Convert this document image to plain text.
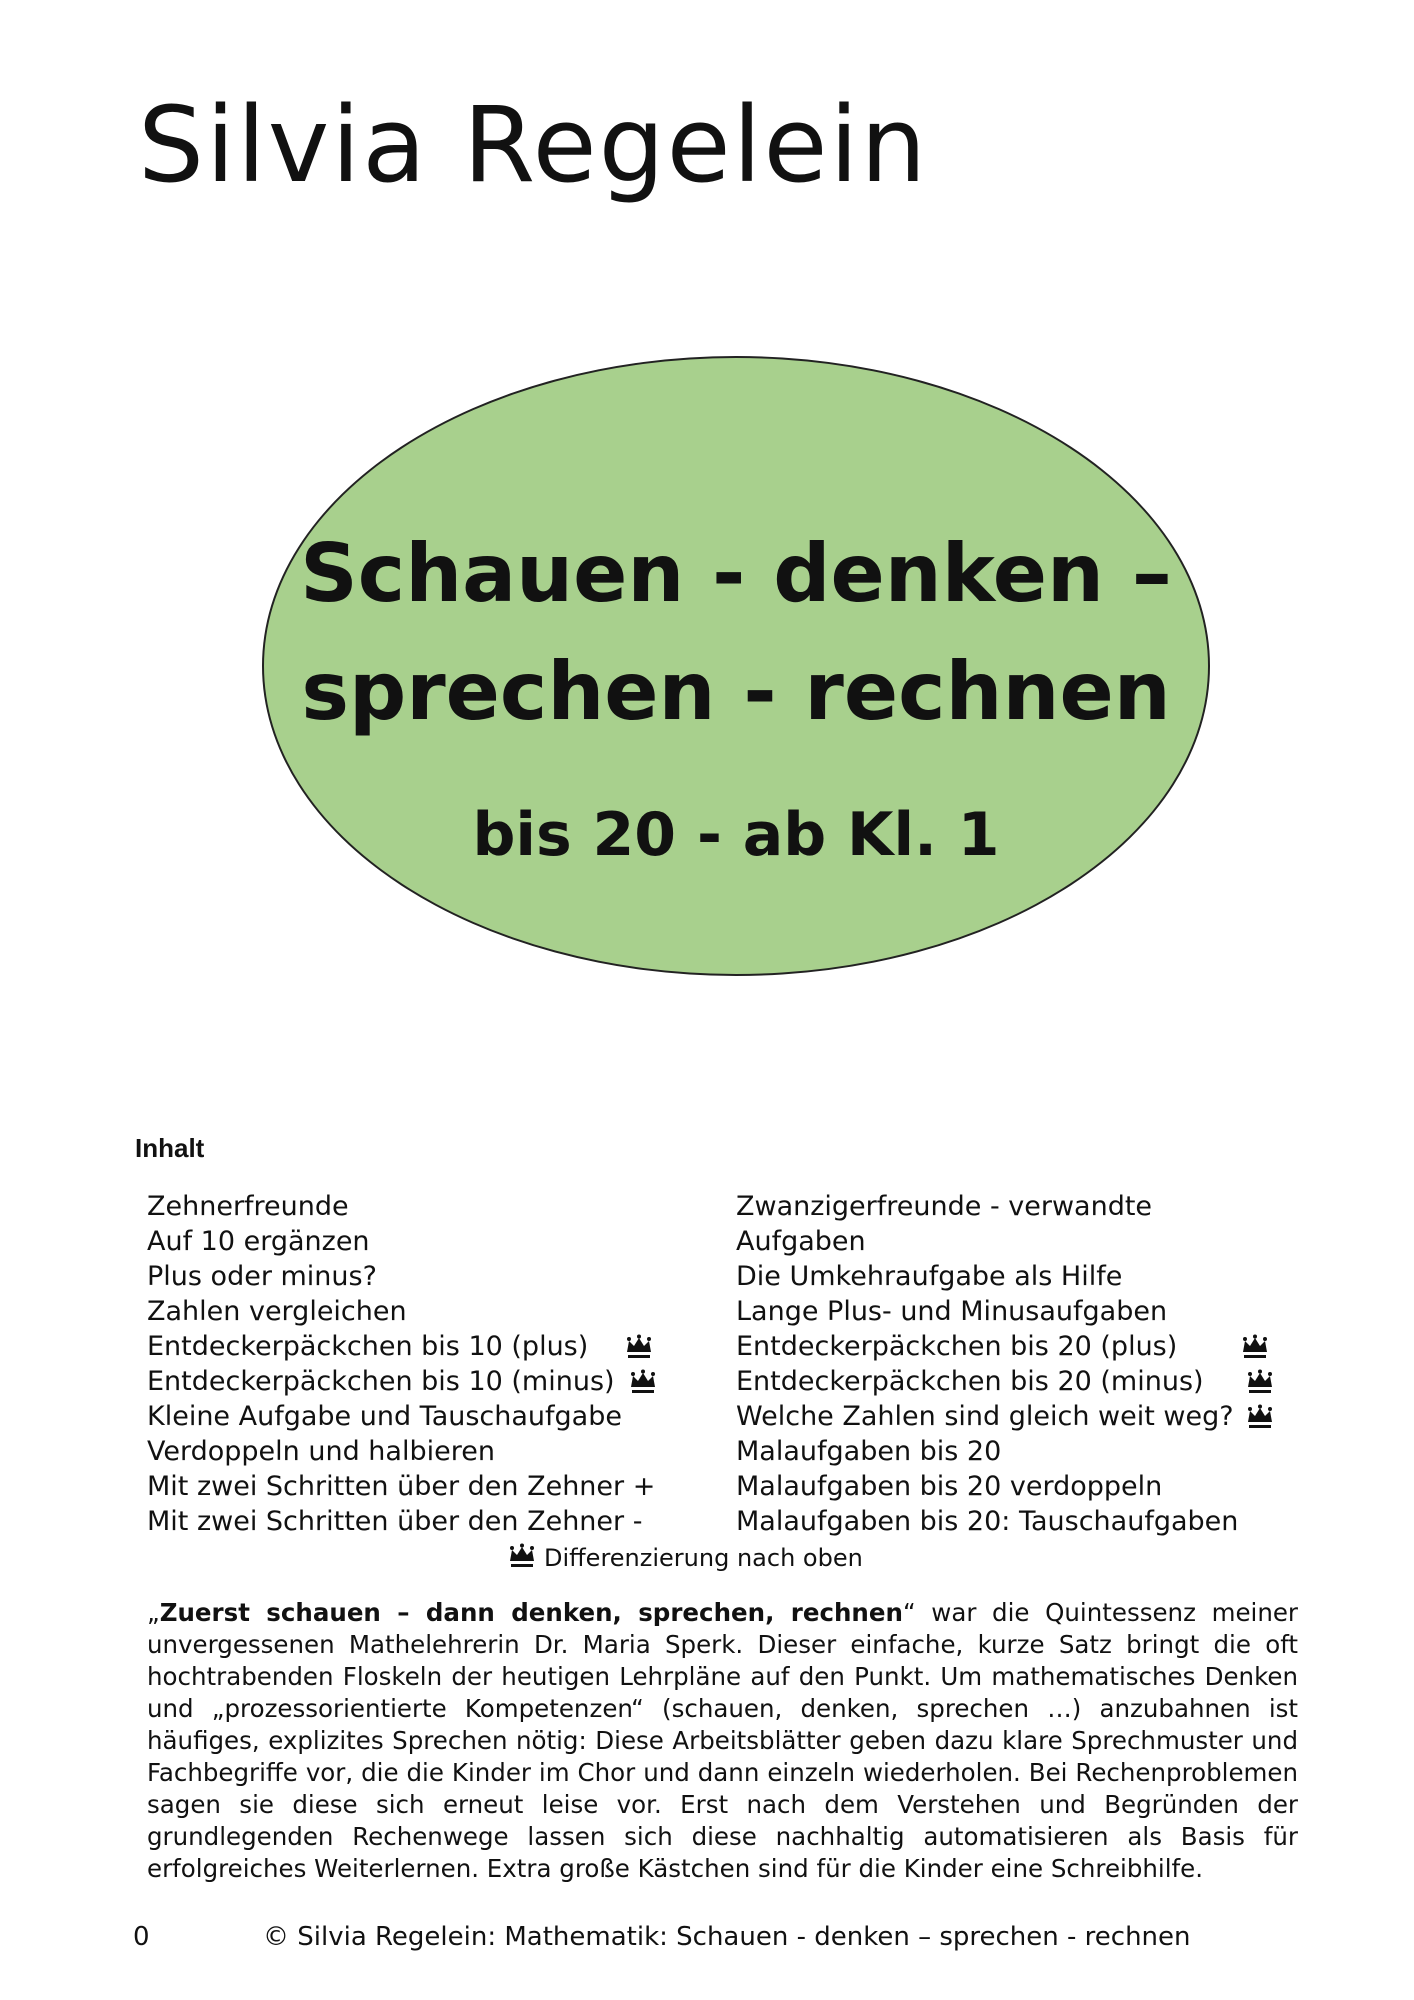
Silvia Regelein
Schauen - denken –
sprechen - rechnen
bis 20 - ab Kl. 1
Inhalt
Zehnerfreunde
Auf 10 ergänzen
Plus oder minus?
Zahlen vergleichen
Entdeckerpäckchen bis 10 (plus)
Entdeckerpäckchen bis 10 (minus)
Kleine Aufgabe und Tauschaufgabe
Verdoppeln und halbieren
Mit zwei Schritten über den Zehner +
Mit zwei Schritten über den Zehner -
Zwanzigerfreunde - verwandte
Aufgaben
Die Umkehraufgabe als Hilfe
Lange Plus- und Minusaufgaben
Entdeckerpäckchen bis 20 (plus)
Entdeckerpäckchen bis 20 (minus)
Welche Zahlen sind gleich weit weg?
Malaufgaben bis 20
Malaufgaben bis 20 verdoppeln
Malaufgaben bis 20: Tauschaufgaben
Differenzierung nach oben

„Zuerst schauen – dann denken, sprechen, rechnen“ war die Quintessenz meiner unvergessenen Mathelehrerin Dr. Maria Sperk. Dieser einfache, kurze Satz bringt die oft hochtrabenden Floskeln der heutigen Lehrpläne auf den Punkt. Um mathematisches Denken und „prozessorientierte Kompetenzen“ (schauen, denken, sprechen …) anzubahnen ist häufiges, explizites Sprechen nötig: Diese Arbeitsblätter geben dazu klare Sprechmuster und Fachbegriffe vor, die die Kinder im Chor und dann einzeln wiederholen. Bei Rechenproblemen sagen sie diese sich erneut leise vor. Erst nach dem Verstehen und Begründen der grundlegenden Rechenwege lassen sich diese nachhaltig automatisieren als Basis für erfolgreiches Weiterlernen. Extra große Kästchen sind für die Kinder eine Schreibhilfe.

0	© Silvia Regelein: Mathematik: Schauen - denken – sprechen - rechnen
